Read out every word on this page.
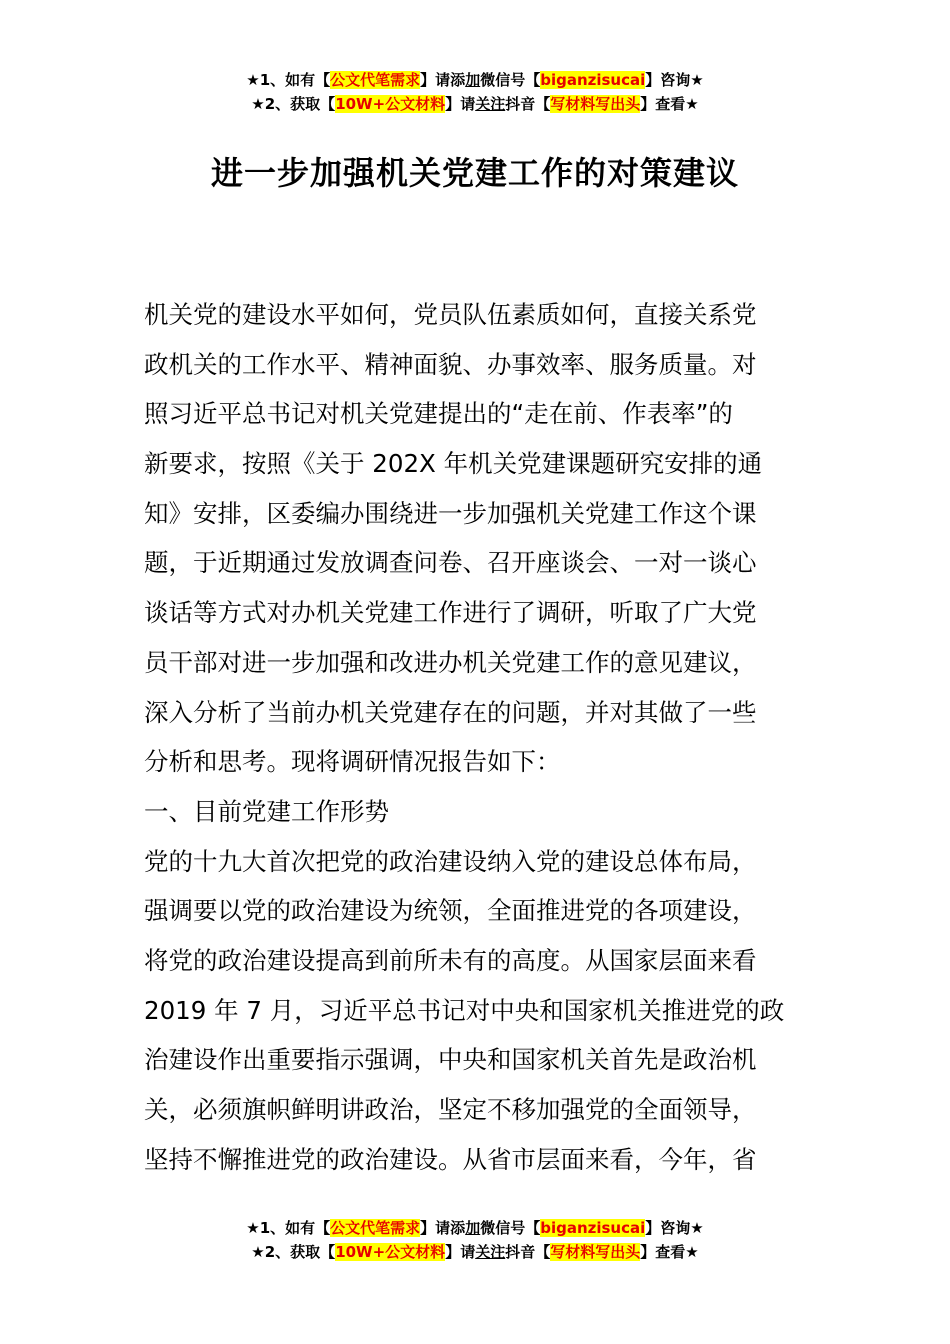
★1、如有【公文代笔需求】请添加微信号【biganzisucai】咨询★
★2、获取【10W+公文材料】请关注抖音【写材料写出头】查看★
进一步加强机关党建工作的对策建议
机关党的建设水平如何，党员队伍素质如何，直接关系党
政机关的工作水平、精神面貌、办事效率、服务质量。对
照习近平总书记对机关党建提出的“走在前、作表率”的
新要求，按照《关于 202X 年机关党建课题研究安排的通
知》安排，区委编办围绕进一步加强机关党建工作这个课
题，于近期通过发放调查问卷、召开座谈会、一对一谈心
谈话等方式对办机关党建工作进行了调研，听取了广大党
员干部对进一步加强和改进办机关党建工作的意见建议，
深入分析了当前办机关党建存在的问题，并对其做了一些
分析和思考。现将调研情况报告如下：
一、目前党建工作形势
党的十九大首次把党的政治建设纳入党的建设总体布局，
强调要以党的政治建设为统领，全面推进党的各项建设，
将党的政治建设提高到前所未有的高度。从国家层面来看
2019 年 7 月，习近平总书记对中央和国家机关推进党的政
治建设作出重要指示强调，中央和国家机关首先是政治机
关，必须旗帜鲜明讲政治，坚定不移加强党的全面领导，
坚持不懈推进党的政治建设。从省市层面来看，今年，省
★1、如有【公文代笔需求】请添加微信号【biganzisucai】咨询★
★2、获取【10W+公文材料】请关注抖音【写材料写出头】查看★
